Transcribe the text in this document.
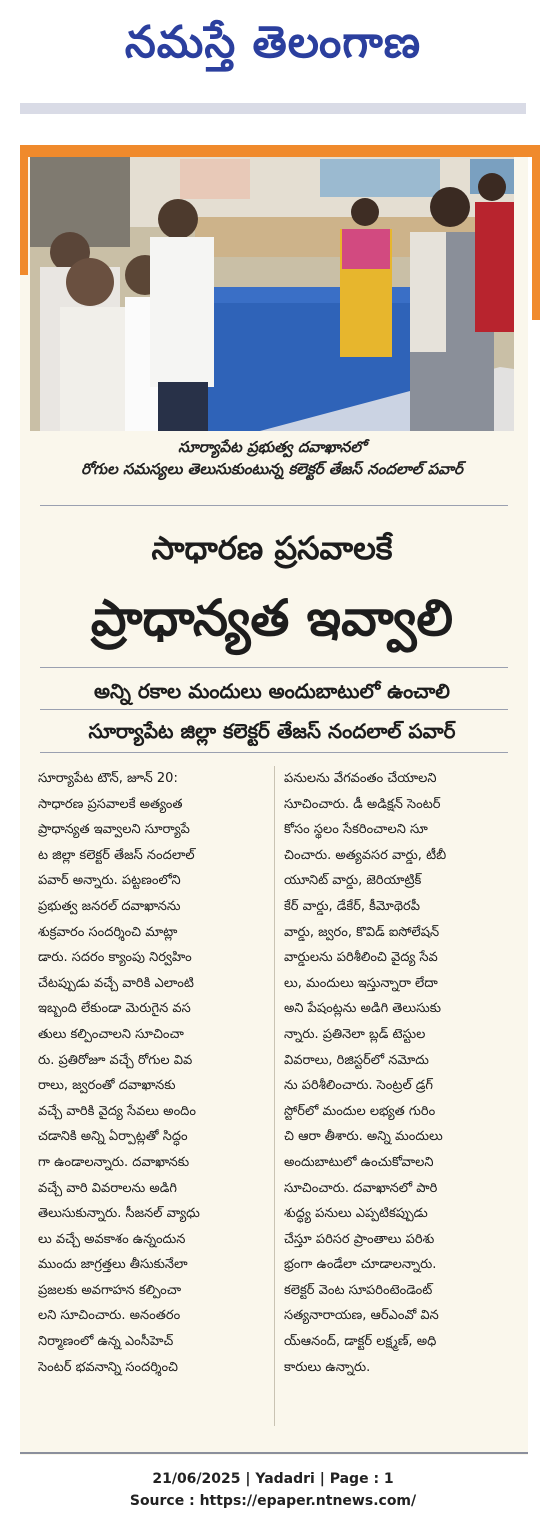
నమస్తే తెలంగాణ
సూర్యాపేట ప్రభుత్వ దవాఖానలో
రోగుల సమస్యలు తెలుసుకుంటున్న కలెక్టర్ తేజస్ నందలాల్ పవార్
సాధారణ ప్రసవాలకే
ప్రాధాన్యత ఇవ్వాలి
అన్ని రకాల మందులు అందుబాటులో ఉంచాలి
సూర్యాపేట జిల్లా కలెక్టర్ తేజస్ నందలాల్ పవార్

సూర్యాపేట టౌన్, జూన్ 20:

సాధారణ ప్రసవాలకే అత్యంత

ప్రాధాన్యత ఇవ్వాలని సూర్యాపే

ట జిల్లా కలెక్టర్ తేజస్ నందలాల్

పవార్ అన్నారు. పట్టణంలోని

ప్రభుత్వ జనరల్ దవాఖానను

శుక్రవారం సందర్శించి మాట్లా

డారు. సదరం క్యాంపు నిర్వహిం

చేటప్పుడు వచ్చే వారికి ఎలాంటి

ఇబ్బంది లేకుండా మెరుగైన వస

తులు కల్పించాలని సూచించా

రు. ప్రతిరోజూ వచ్చే రోగుల వివ

రాలు, జ్వరంతో దవాఖానకు

వచ్చే వారికి వైద్య సేవలు అందిం

చడానికి అన్ని ఏర్పాట్లతో సిద్ధం

గా ఉండాలన్నారు. దవాఖానకు

వచ్చే వారి వివరాలను అడిగి

తెలుసుకున్నారు. సీజనల్ వ్యాధు

లు వచ్చే అవకాశం ఉన్నందున

ముందు జాగ్రత్తలు తీసుకునేలా

ప్రజలకు అవగాహన కల్పించా

లని సూచించారు. అనంతరం

నిర్మాణంలో ఉన్న ఎంసీహెచ్

సెంటర్ భవనాన్ని సందర్శించి

పనులను వేగవంతం చేయాలని

సూచించారు. డీ అడిక్షన్ సెంటర్

కోసం స్థలం సేకరించాలని సూ

చించారు. అత్యవసర వార్డు, టీబీ

యూనిట్ వార్డు, జెరియాట్రిక్

కేర్ వార్డు, డేకేర్, కీమోథెరపీ

వార్డు, జ్వరం, కొవిడ్ ఐసోలేషన్

వార్డులను పరిశీలించి వైద్య సేవ

లు, మందులు ఇస్తున్నారా లేదా

అని పేషంట్లను అడిగి తెలుసుకు

న్నారు. ప్రతినెలా బ్లడ్ టెస్టుల

వివరాలు, రిజిస్టర్‌లో నమోదు

ను పరిశీలించారు. సెంట్రల్ డ్రగ్

స్టోర్‌లో మందుల లభ్యత గురిం

చి ఆరా తీశారు. అన్ని మందులు

అందుబాటులో ఉంచుకోవాలని

సూచించారు. దవాఖానలో పారి

శుద్ధ్య పనులు ఎప్పటికప్పుడు

చేస్తూ పరిసర ప్రాంతాలు పరిశు

భ్రంగా ఉండేలా చూడాలన్నారు.

కలెక్టర్ వెంట సూపరింటెండెంట్

సత్యనారాయణ, ఆర్‌ఎంవో విన

య్‌ఆనంద్, డాక్టర్ లక్ష్మణ్, అధి

కారులు ఉన్నారు.

21/06/2025 | Yadadri | Page : 1
Source : https://epaper.ntnews.com/
